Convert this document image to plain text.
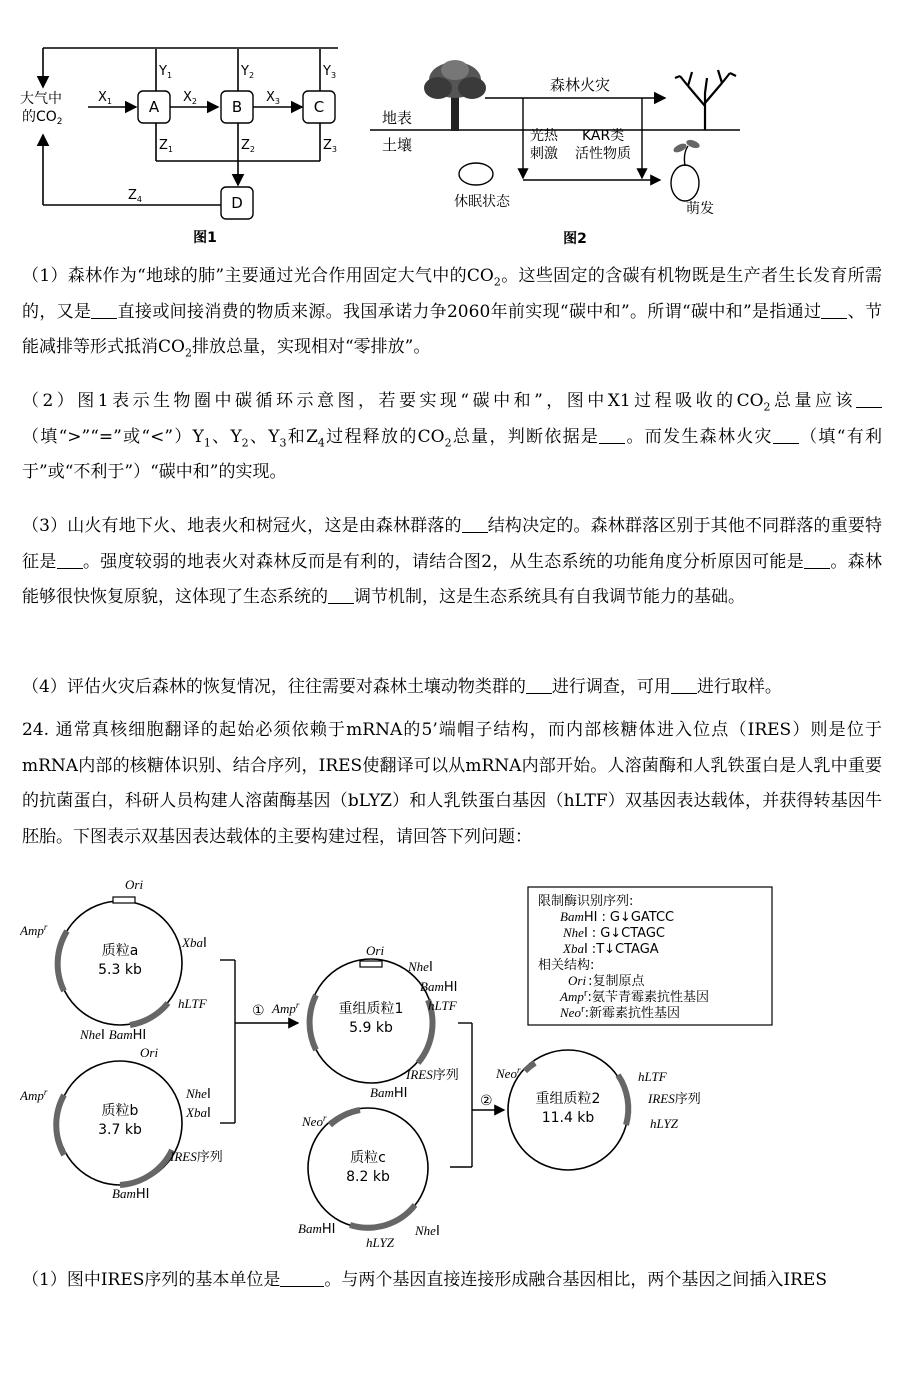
A	B	C
D
大气中
的$CO_2$
$X_1$	$X_2$	$X_3$
$Y_1$	$Y_2$	$Y_3$
$Z_1$	$Z_2$	$Z_3$
$Z_4$
图1
森林火灾
地表
土壤	光热
刺激
KAR类
活性物质
休眠状态	萌发
图2

（1）森林作为“地球的肺”主要通过光合作用固定大气中的$CO_2$。这些固定的含碳有机物既是生产者生长发育所需的，又是 直接或间接消费的物质来源。我国承诺力争2060年前实现“碳中和”。所谓“碳中和”是指通过 、节能减排等形式抵消$CO_2$排放总量，实现相对“零排放”。

（2）图1表示生物圈中碳循环示意图，若要实现“碳中和”，图中X1过程吸收的$CO_2$总量应该（填“>”“=”或“$<”)Y_1$、$Y_2$、$Y_3$和$Z_4$过程释放的$CO_2$总量，判断依据是 。而发生森林火灾 （填“有利于”或“不利于”）“碳中和”的实现。

（3）山火有地下火、地表火和树冠火，这是由森林群落的 结构决定的。森林群落区别于其他不同群落的重要特征是 。强度较弱的地表火对森林反而是有利的，请结合图2，从生态系统的功能角度分析原因可能是 。森林能够很快恢复原貌，这体现了生态系统的 调节机制，这是生态系统具有自我调节能力的基础。

（4）评估火灾后森林的恢复情况，往往需要对森林土壤动物类群的 进行调查，可用 进行取样。

24. 通常真核细胞翻译的起始必须依赖于mRNA的5’端帽子结构，而内部核糖体进入位点（IRES）则是位于mRNA内部的核糖体识别、结合序列，IRES使翻译可以从mRNA内部开始。人溶菌酶和人乳铁蛋白是人乳中重要的抗菌蛋白，科研人员构建人溶菌酶基因（bLYZ）和人乳铁蛋白基因（hLTF）双基因表达载体，并获得转基因牛胚胎。下图表示双基因表达载体的主要构建过程，请回答下列问题：

Ori
Amp$^r$
质粒a
5.3 kb
XbaⅠ
hLTF
NheⅠ BamHⅠ
Ori
Amp$^r$
质粒b
3.7 kb
NheⅠ
XbaⅠ
IRES序列
BamHⅠ
①
Ori
Amp$^r$	重组质粒1
5.9 kb
NheⅠ
BamHⅠ
hLTF
IRES序列
BamHⅠ
Neo$^r$
质粒c
8.2 kb
BamHⅠ
hLYZ
NheⅠ
②
Neo$^r$
重组质粒2
11.4 kb
hLTF
IRES序列
hLYZ
限制酶识别序列:
BamHⅠ : G↓GATCC
NheⅠ : G↓CTAGC
XbaⅠ :T↓CTAGA
相关结构:
Ori :复制原点
Amp$^r$:氨苄青霉素抗性基因
Neo$^r$:新霉素抗性基因

（1）图中IRES序列的基本单位是	。与两个基因直接连接形成融合基因相比，两个基因之间插入IRES
